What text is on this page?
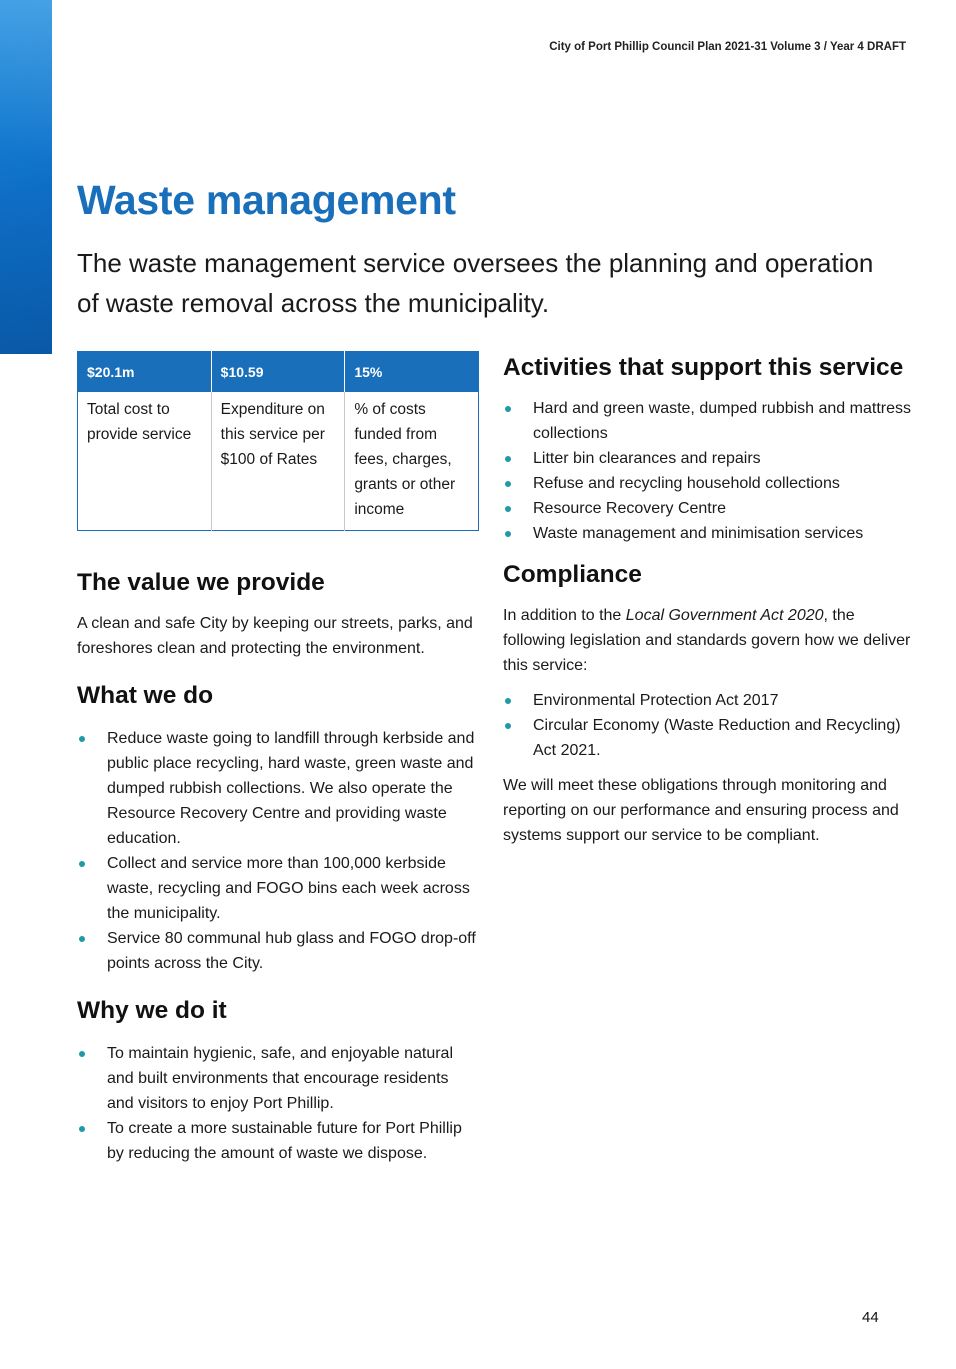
City of Port Phillip Council Plan 2021-31 Volume 3 / Year 4 DRAFT
Waste management

The waste management service oversees the planning and operation of waste removal across the municipality.

$20.1m	$10.59	15%
Total cost to provide service	Expenditure on this service per $100 of Rates	% of costs funded from fees, charges, grants or other income
The value we provide

A clean and safe City by keeping our streets, parks, and foreshores clean and protecting the environment.

What we do
Reduce waste going to landfill through kerbside and public place recycling, hard waste, green waste and dumped rubbish collections. We also operate the Resource Recovery Centre and providing waste education.
Collect and service more than 100,000 kerbside waste, recycling and FOGO bins each week across the municipality.
Service 80 communal hub glass and FOGO drop-off points across the City.
Why we do it
To maintain hygienic, safe, and enjoyable natural and built environments that encourage residents and visitors to enjoy Port Phillip.
To create a more sustainable future for Port Phillip by reducing the amount of waste we dispose.
Activities that support this service
Hard and green waste, dumped rubbish and mattress collections
Litter bin clearances and repairs
Refuse and recycling household collections
Resource Recovery Centre
Waste management and minimisation services
Compliance

In addition to the Local Government Act 2020, the following legislation and standards govern how we deliver this service:

Environmental Protection Act 2017
Circular Economy (Waste Reduction and Recycling) Act 2021.

We will meet these obligations through monitoring and reporting on our performance and ensuring process and systems support our service to be compliant.

44
